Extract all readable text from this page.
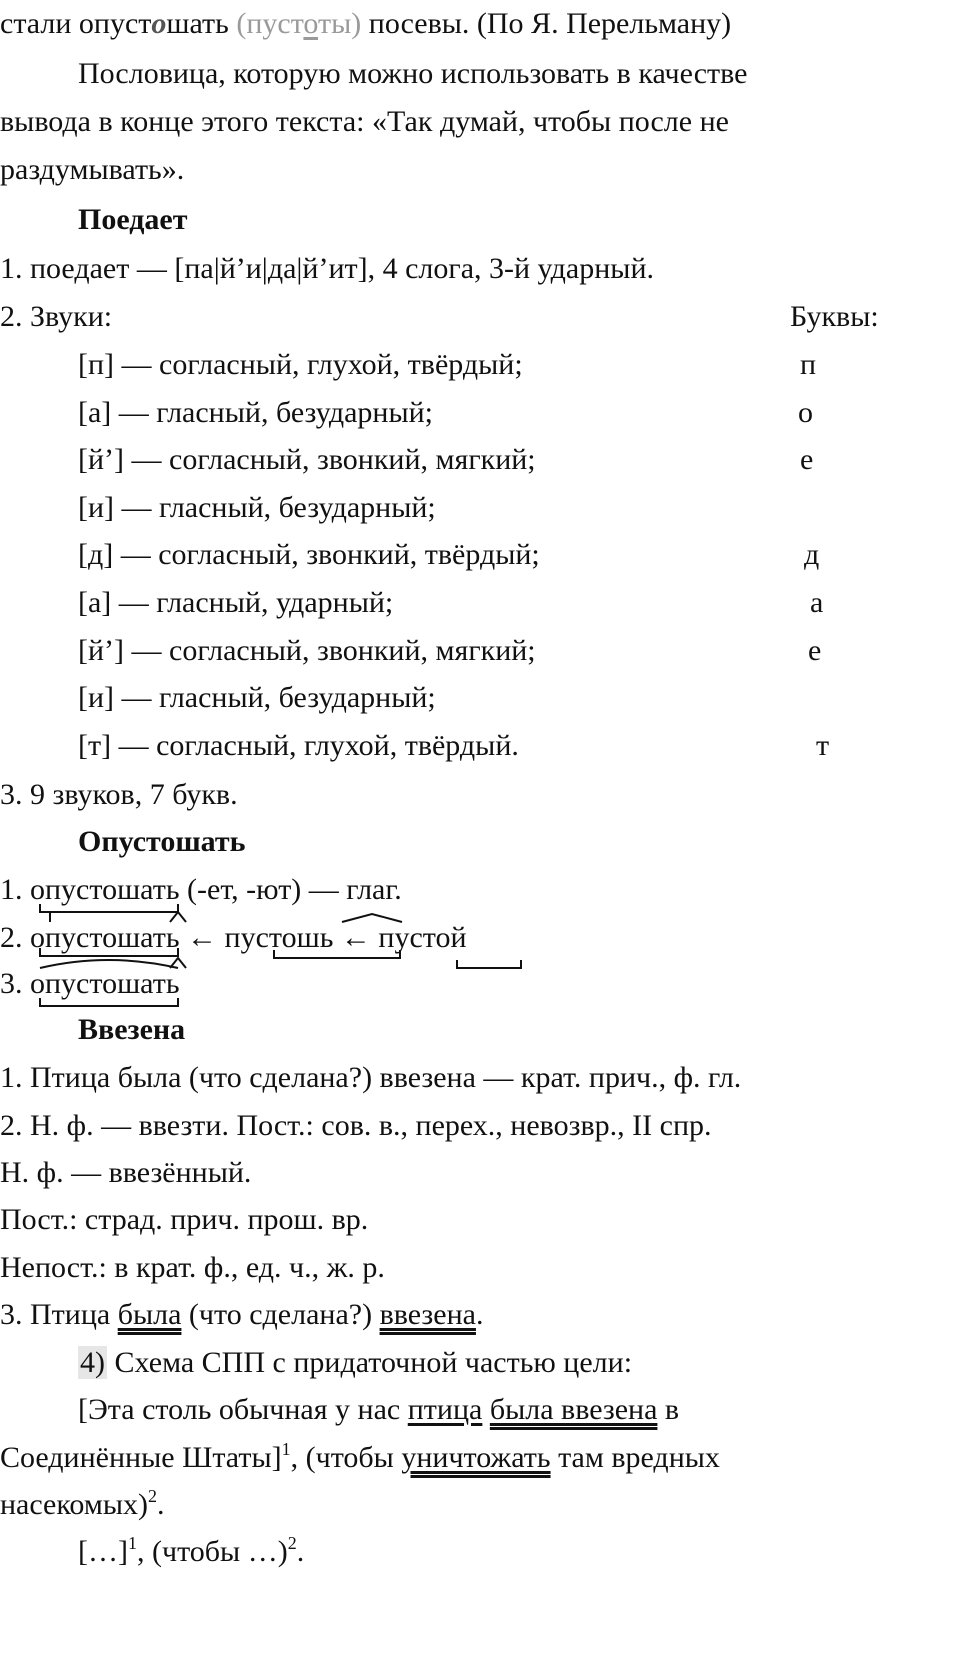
стали опустошать (пустоты) посевы. (По Я. Перельману)
Пословица, которую можно использовать в качестве
вывода в конце этого текста: «Так думай, чтобы после не
раздумывать».
Поедает
1. поедает — [па|й’и|да|й’ит], 4 слога, 3-й ударный.
2. Звуки:	Буквы:
[п] — согласный, глухой, твёрдый;	п
[а] — гласный, безударный;	о
[й’] — согласный, звонкий, мягкий;	е
[и] — гласный, безударный;
[д] — согласный, звонкий, твёрдый;	д
[а] — гласный, ударный;	а
[й’] — согласный, звонкий, мягкий;	е
[и] — гласный, безударный;
[т] — согласный, глухой, твёрдый.	т
3. 9 звуков, 7 букв.
Опустошать
1. опустошать (-ет, -ют) — глаг.
2. опустошать ← пустошь ← пустой
3. опустошать
Ввезена
1. Птица была (что сделана?) ввезена — крат. прич., ф. гл.
2. Н. ф. — ввезти. Пост.: сов. в., перех., невозвр., II спр.
Н. ф. — ввезённый.
Пост.: страд. прич. прош. вр.
Непост.: в крат. ф., ед. ч., ж. р.
3. Птица была (что сделана?) ввезена.
4) Схема СПП с придаточной частью цели:
[Эта столь обычная у нас птица была ввезена в
Соединённые Штаты]$^1$, (чтобы уничтожать там вредных
насекомых)$^2$.
[…]$^1$, (чтобы …)$^2$.
